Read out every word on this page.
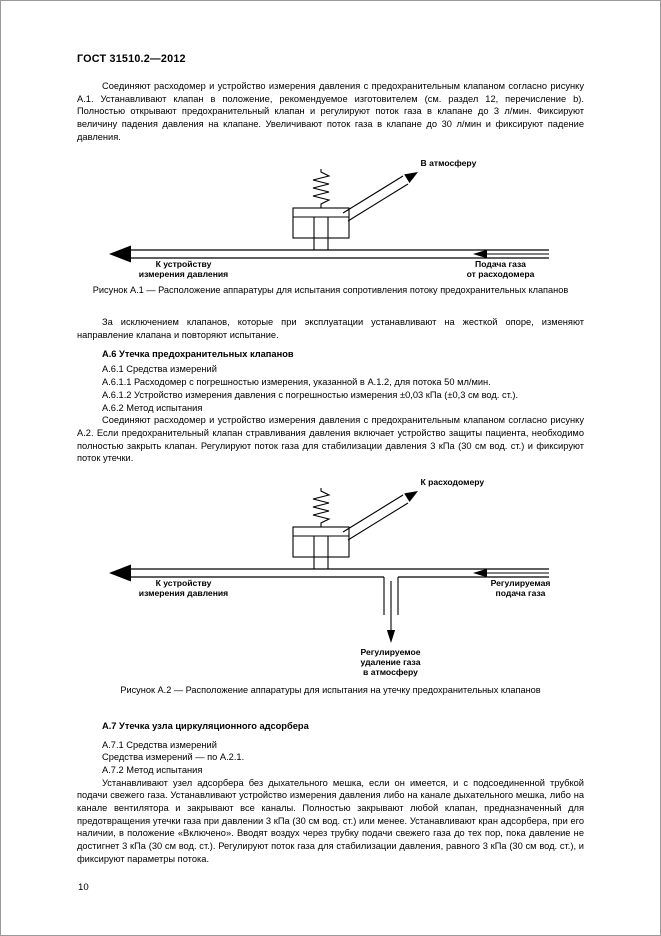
ГОСТ 31510.2—2012

Соединяют расходомер и устройство измерения давления с предохранительным клапаном согласно рисунку А.1. Устанавливают клапан в положение, рекомендуемое изготовителем (см. раздел 12, перечисление b). Полностью открывают предохранительный клапан и регулируют поток газа в клапане до 3 л/мин. Фиксируют величину падения давления на клапане. Увеличивают поток газа в клапане до 30 л/мин и фиксируют падение давления.

В атмосферу
К устройству
измерения давления
Подача газа
от расходомера
Рисунок А.1 — Расположение аппаратуры для испытания сопротивления потоку предохранительных клапанов

За исключением клапанов, которые при эксплуатации устанавливают на жесткой опоре, изменяют направление клапана и повторяют испытание.

А.6 Утечка предохранительных клапанов

А.6.1 Средства измерений

А.6.1.1 Расходомер с погрешностью измерения, указанной в А.1.2, для потока 50 мл/мин.

А.6.1.2 Устройство измерения давления с погрешностью измерения ±0,03 кПа (±0,3 см вод. ст.).

А.6.2 Метод испытания

Соединяют расходомер и устройство измерения давления с предохранительным клапаном согласно рисунку А.2. Если предохранительный клапан стравливания давления включает устройство защиты пациента, необходимо полностью закрыть клапан. Регулируют поток газа для стабилизации давления 3 кПа (30 см вод. ст.) и фиксируют поток утечки.

К расходомеру
К устройству
измерения давления
Регулируемая
подача газа
Регулируемое
удаление газа
в атмосферу
Рисунок А.2 — Расположение аппаратуры для испытания на утечку предохранительных клапанов
А.7 Утечка узла циркуляционного адсорбера

А.7.1 Средства измерений

Средства измерений — по А.2.1.

А.7.2 Метод испытания

Устанавливают узел адсорбера без дыхательного мешка, если он имеется, и с подсоединенной трубкой подачи свежего газа. Устанавливают устройство измерения давления либо на канале дыхательного мешка, либо на канале вентилятора и закрывают все каналы. Полностью закрывают любой клапан, предназначенный для предотвращения утечки газа при давлении 3 кПа (30 см вод. ст.) или менее. Устанавливают кран адсорбера, при его наличии, в положение «Включено». Вводят воздух через трубку подачи свежего газа до тех пор, пока давление не достигнет 3 кПа (30 см вод. ст.). Регулируют поток газа для стабилизации давления, равного 3 кПа (30 см вод. ст.), и фиксируют параметры потока.

10
